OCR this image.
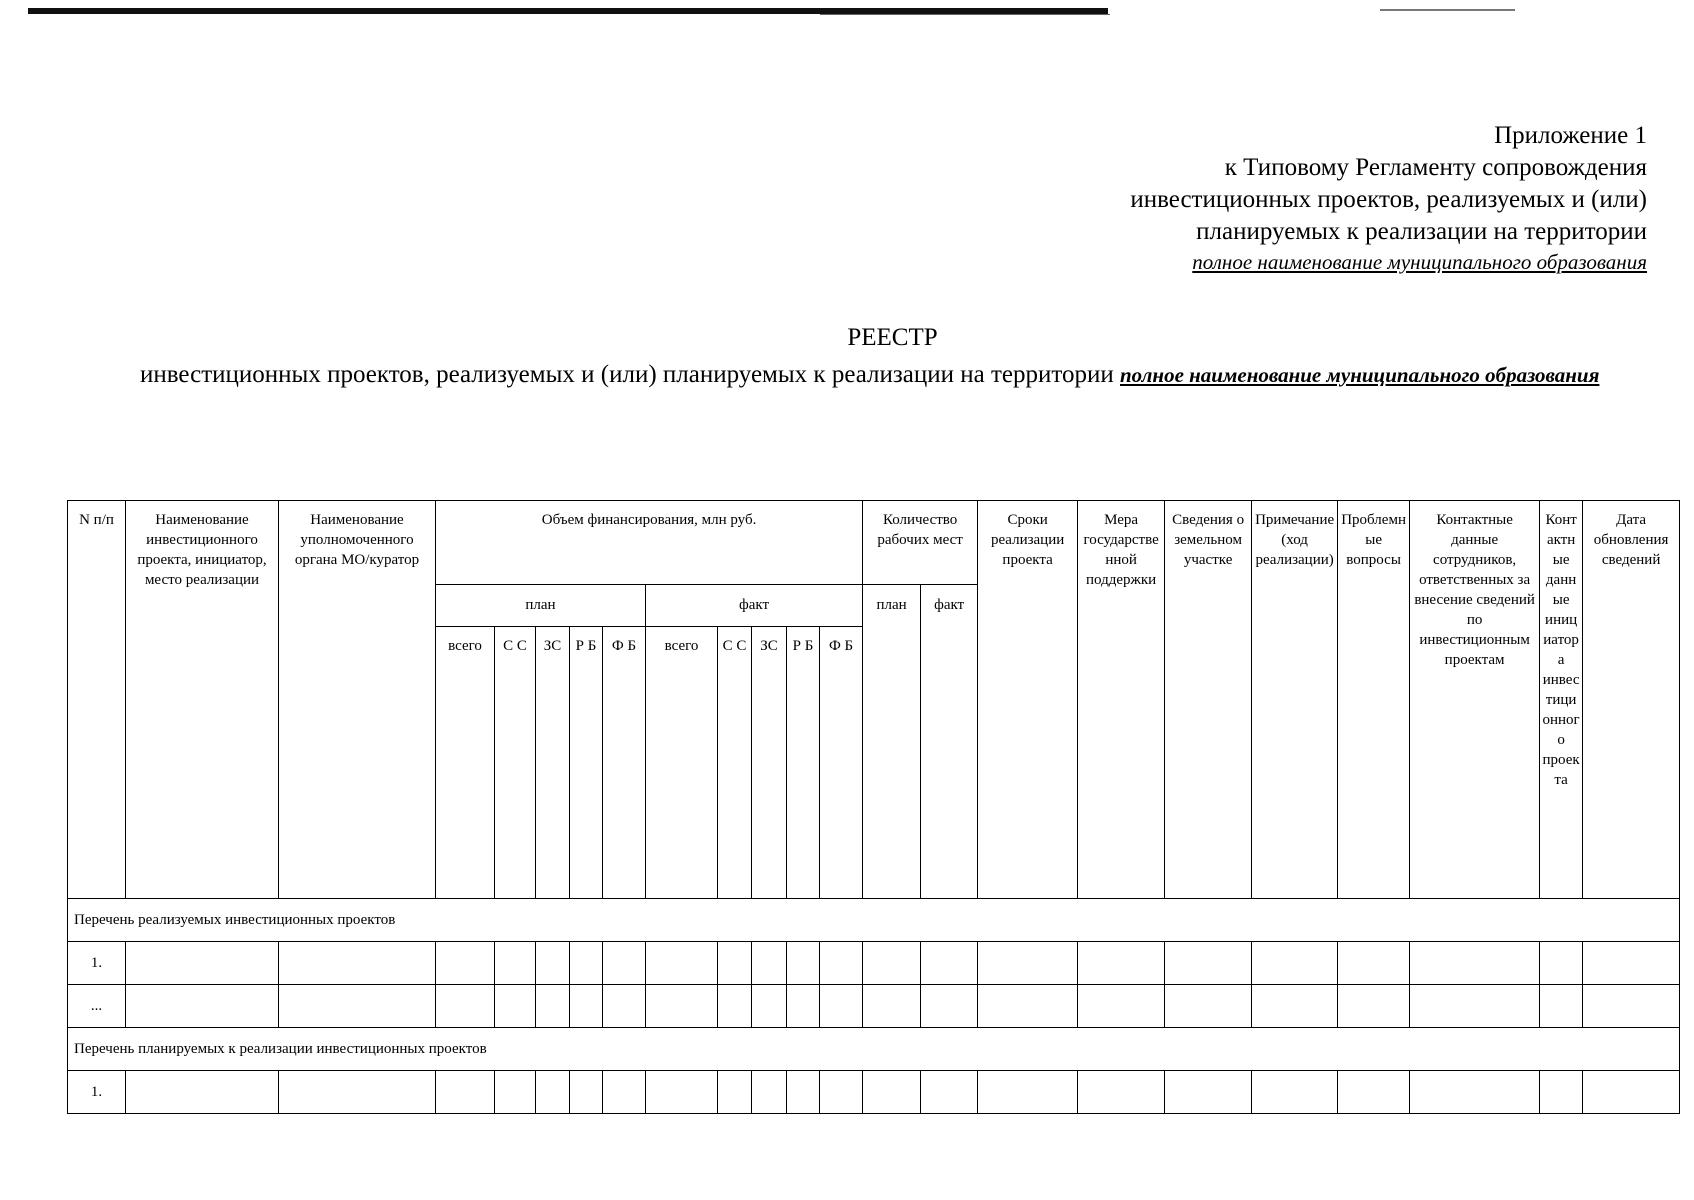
Приложение 1
к Типовому Регламенту сопровождения
инвестиционных проектов, реализуемых и (или)
планируемых к реализации на территории
полное наименование муниципального образования
РЕЕСТР
инвестиционных проектов, реализуемых и (или) планируемых к реализации на территории полное наименование муниципального образования
N п/п	Наименование инвестиционного проекта, инициатор, место реализации	Наименование уполномоченного органа МО/куратор	Объем финансирования, млн руб.										Количество рабочих мест		Сроки реализации проекта	Мера государственной поддержки	Сведения о земельном участке	Примечание (ход реализации)	Проблемные вопросы	Контактные данные сотрудников, ответственных за внесение сведений по инвестиционным проектам	Контактные данные инициатора инвестиционного проекта	Дата обновления сведений
			план					факт					план	факт								
			всего	С С	ЗС	Р Б	Ф Б	всего	С С	ЗС	Р Б	Ф Б										
Перечень реализуемых инвестиционных проектов																						
1.																						
...																						
Перечень планируемых к реализации инвестиционных проектов																						
1.																						
